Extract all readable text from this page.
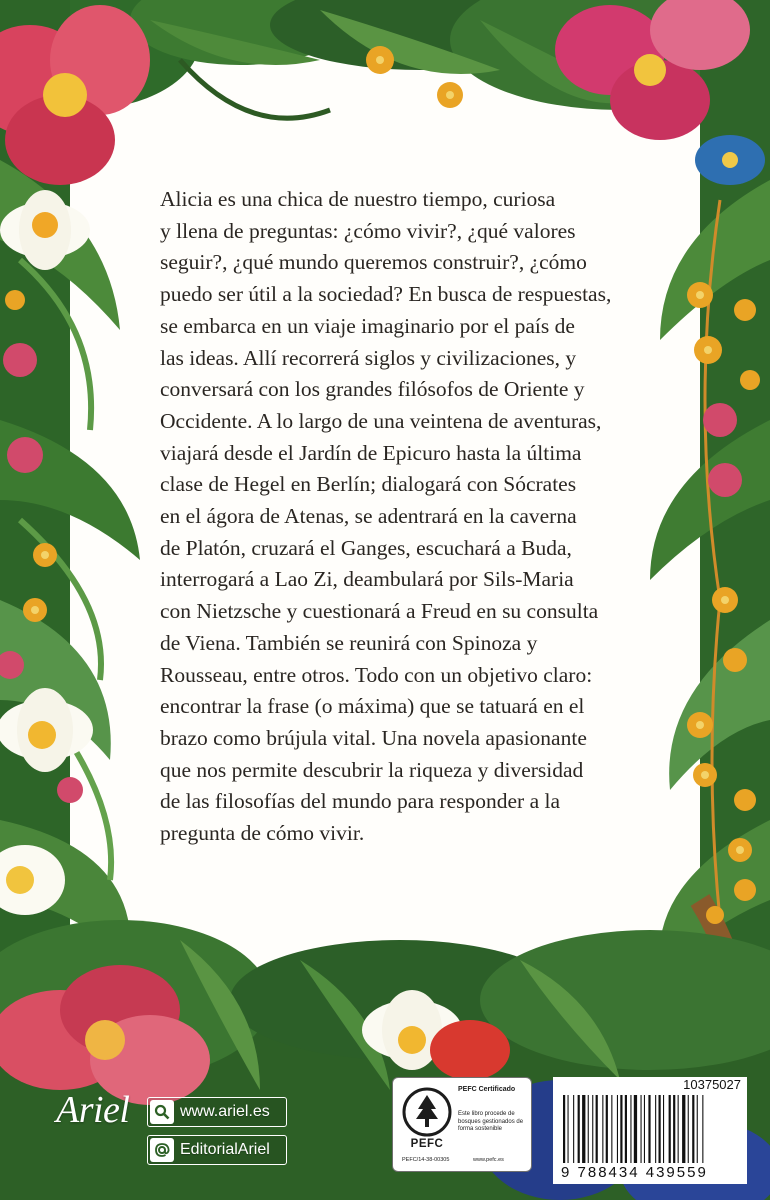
Alicia es una chica de nuestro tiempo, curiosa
y llena de preguntas: ¿cómo vivir?, ¿qué valores
seguir?, ¿qué mundo queremos construir?, ¿cómo
puedo ser útil a la sociedad? En busca de respuestas,
se embarca en un viaje imaginario por el país de
las ideas. Allí recorrerá siglos y civilizaciones, y
conversará con los grandes filósofos de Oriente y
Occidente. A lo largo de una veintena de aventuras,
viajará desde el Jardín de Epicuro hasta la última
clase de Hegel en Berlín; dialogará con Sócrates
en el ágora de Atenas, se adentrará en la caverna
de Platón, cruzará el Ganges, escuchará a Buda,
interrogará a Lao Zi, deambulará por Sils-Maria
con Nietzsche y cuestionará a Freud en su consulta
de Viena. También se reunirá con Spinoza y
Rousseau, entre otros. Todo con un objetivo claro:
encontrar la frase (o máxima) que se tatuará en el
brazo como brújula vital. Una novela apasionante
que nos permite descubrir la riqueza y diversidad
de las filosofías del mundo para responder a la
pregunta de cómo vivir.

Ariel	www.ariel.es
EditorialAriel	PEFC
PEFC Certificado
Este libro procede de bosques gestionados de forma sostenible
PEFC/14-38-00305	www.pefc.es
10375027
9 788434 439559
